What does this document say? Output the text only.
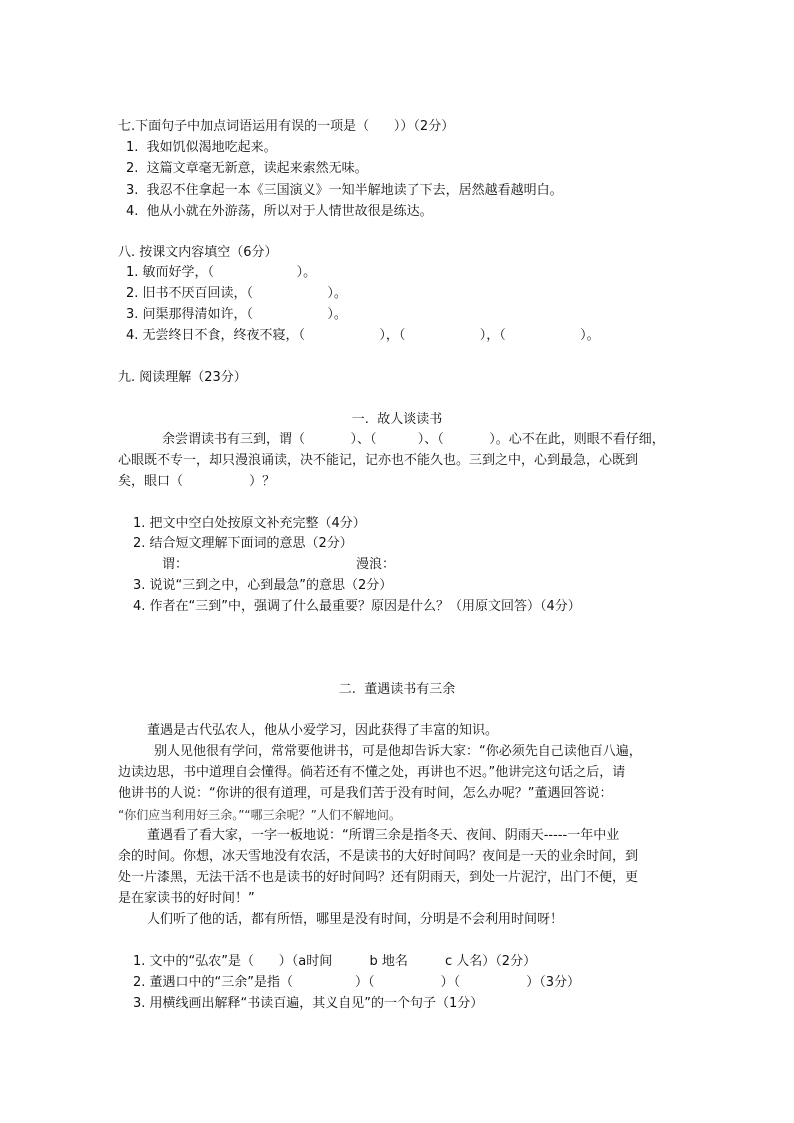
七.下面句子中加点词语运用有误的一项是（      ））（2分）
1.  我如饥似渴地吃起来。
2.  这篇文章毫无新意，读起来索然无味。
3.  我忍不住拿起一本《三国演义》一知半解地读了下去，居然越看越明白。
4.  他从小就在外游荡，所以对于人情世故很是练达。
八. 按课文内容填空（6分）
1. 敏而好学，（                    ）。
2. 旧书不厌百回读，（                  ）。
3. 问渠那得清如许，（                  ）。
4. 无尝终日不食，终夜不寝，（                  ），（                  ），（                  ）。
九. 阅读理解（23分）
一.  故人谈读书
余尝谓读书有三到，谓（           ）、（          ）、（           ）。心不在此，则眼不看仔细，
心眼既不专一，却只漫浪诵读，决不能记，记亦也不能久也。三到之中，心到最急，心既到
矣，眼口（                ）？
1. 把文中空白处按原文补充完整（4分）
2. 结合短文理解下面词的意思（2分）
谓：	漫浪：
3. 说说“三到之中，心到最急”的意思（2分）
4. 作者在“三到”中，强调了什么最重要？原因是什么？（用原文回答）（4分）
二.  董遇读书有三余
董遇是古代弘农人，他从小爱学习，因此获得了丰富的知识。
别人见他很有学问，常常要他讲书，可是他却告诉大家：“你必须先自己读他百八遍，
边读边思，书中道理自会懂得。倘若还有不懂之处，再讲也不迟。”他讲完这句话之后，请
他讲书的人说：“你讲的很有道理，可是我们苦于没有时间，怎么办呢？”董遇回答说：
“你们应当利用好三余。”“哪三余呢？”人们不解地问。
董遇看了看大家，一字一板地说：“所谓三余是指冬天、夜间、阴雨天-----一年中业
余的时间。你想，冰天雪地没有农活，不是读书的大好时间吗？夜间是一天的业余时间，到
处一片漆黑，无法干活不也是读书的好时间吗？还有阴雨天，到处一片泥泞，出门不便，更
是在家读书的好时间！”
人们听了他的话，都有所悟，哪里是没有时间，分明是不会利用时间呀！
1. 文中的“弘农”是（      ）（a时间         b 地名         c 人名）（2分）
2. 董遇口中的“三余”是指（               ）（                ）（                ）（3分）
3. 用横线画出解释“书读百遍，其义自见”的一个句子（1分）
